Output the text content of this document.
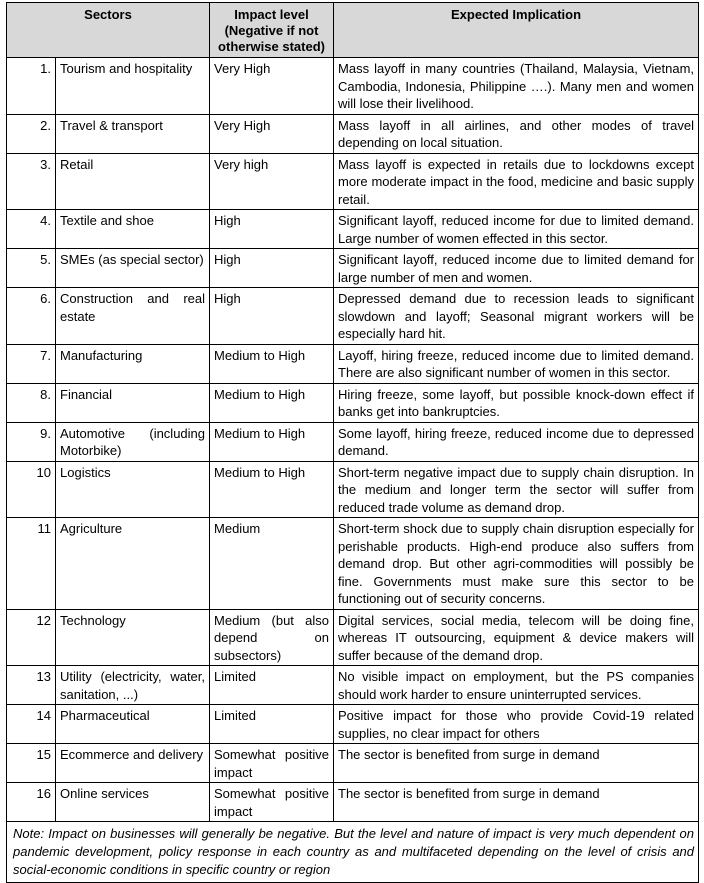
Sectors		Impact level (Negative if not otherwise stated)	Expected Implication
1.	Tourism and hospitality	Very High	Mass layoff in many countries (Thailand, Malaysia, Vietnam, Cambodia, Indonesia, Philippine ….). Many men and women will lose their livelihood.
2.	Travel & transport	Very High	Mass layoff in all airlines, and other modes of travel depending on local situation.
3.	Retail	Very high	Mass layoff is expected in retails due to lockdowns except more moderate impact in the food, medicine and basic supply retail.
4.	Textile and shoe	High	Significant layoff, reduced income for due to limited demand. Large number of women effected in this sector.
5.	SMEs (as special sector)	High	Significant layoff, reduced income due to limited demand for large number of men and women.
6.	Construction and real estate	High	Depressed demand due to recession leads to significant slowdown and layoff; Seasonal migrant workers will be especially hard hit.
7.	Manufacturing	Medium to High	Layoff, hiring freeze, reduced income due to limited demand. There are also significant number of women in this sector.
8.	Financial	Medium to High	Hiring freeze, some layoff, but possible knock-down effect if banks get into bankruptcies.
9.	Automotive (including Motorbike)	Medium to High	Some layoff, hiring freeze, reduced income due to depressed demand.
10	Logistics	Medium to High	Short-term negative impact due to supply chain disruption. In the medium and longer term the sector will suffer from reduced trade volume as demand drop.
11	Agriculture	Medium	Short-term shock due to supply chain disruption especially for perishable products. High-end produce also suffers from demand drop. But other agri-commodities will possibly be fine. Governments must make sure this sector to be functioning out of security concerns.
12	Technology	Medium (but also depend on subsectors)	Digital services, social media, telecom will be doing fine, whereas IT outsourcing, equipment & device makers will suffer because of the demand drop.
13	Utility (electricity, water, sanitation, ...)	Limited	No visible impact on employment, but the PS companies should work harder to ensure uninterrupted services.
14	Pharmaceutical	Limited	Positive impact for those who provide Covid-19 related supplies, no clear impact for others
15	Ecommerce and delivery	Somewhat positive impact	The sector is benefited from surge in demand
16	Online services	Somewhat positive impact	The sector is benefited from surge in demand
Note: Impact on businesses will generally be negative. But the level and nature of impact is very much dependent on pandemic development, policy response in each country as and multifaceted depending on the level of crisis and social-economic conditions in specific country or region			
